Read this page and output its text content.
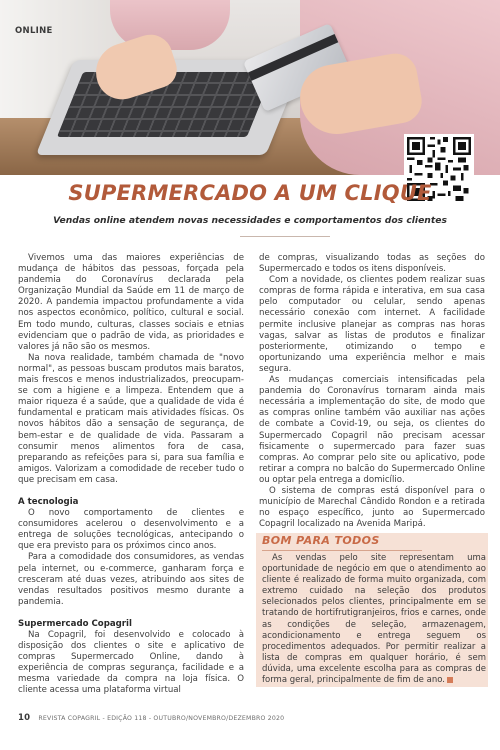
ONLINE
SUPERMERCADO A UM CLIQUE
Vendas online atendem novas necessidades e comportamentos dos clientes

Vivemos uma das maiores experiências de mudança de hábitos das pessoas, forçada pela pandemia do Coronavírus declarada pela Organização Mundial da Saúde em 11 de março de 2020. A pandemia impactou profundamente a vida nos aspectos econômico, político, cultural e social. Em todo mundo, culturas, classes sociais e etnias evidenciam que o padrão de vida, as prioridades e valores já não são os mesmos.

Na nova realidade, também chamada de "novo normal", as pessoas buscam produtos mais baratos, mais frescos e menos industrializados, preocupam-se com a higiene e a limpeza. Entendem que a maior riqueza é a saúde, que a qualidade de vida é fundamental e praticam mais atividades físicas. Os novos hábitos dão a sensação de segurança, de bem-estar e de qualidade de vida. Passaram a consumir menos alimentos fora de casa, preparando as refeições para si, para sua família e amigos. Valorizam a comodidade de receber tudo o que precisam em casa.

A tecnologia

O novo comportamento de clientes e consumidores acelerou o desenvolvimento e a entrega de soluções tecnológicas, antecipando o que era previsto para os próximos cinco anos.

Para a comodidade dos consumidores, as vendas pela internet, ou e-commerce, ganharam força e cresceram até duas vezes, atribuindo aos sites de vendas resultados positivos mesmo durante a pandemia.

Supermercado Copagril

Na Copagril, foi desenvolvido e colocado à disposição dos clientes o site e aplicativo de compras Supermercado Online, dando à experiência de compras segurança, facilidade e a mesma variedade da compra na loja física. O cliente acessa uma plataforma virtual

de compras, visualizando todas as seções do Supermercado e todos os itens disponíveis.

Com a novidade, os clientes podem realizar suas compras de forma rápida e interativa, em sua casa pelo computador ou celular, sendo apenas necessário conexão com internet. A facilidade permite inclusive planejar as compras nas horas vagas, salvar as listas de produtos e finalizar posteriormente, otimizando o tempo e oportunizando uma experiência melhor e mais segura.

As mudanças comerciais intensificadas pela pandemia do Coronavírus tornaram ainda mais necessária a implementação do site, de modo que as compras online também vão auxiliar nas ações de combate a Covid-19, ou seja, os clientes do Supermercado Copagril não precisam acessar fisicamente o supermercado para fazer suas compras. Ao comprar pelo site ou aplicativo, pode retirar a compra no balcão do Supermercado Online ou optar pela entrega a domicílio.

O sistema de compras está disponível para o município de Marechal Cândido Rondon e a retirada no espaço específico, junto ao Supermercado Copagril localizado na Avenida Maripá.

BOM PARA TODOS

As vendas pelo site representam uma oportunidade de negócio em que o atendimento ao cliente é realizado de forma muito organizada, com extremo cuidado na seleção dos produtos selecionados pelos clientes, principalmente em se tratando de hortifrutigranjeiros, frios e carnes, onde as condições de seleção, armazenagem, acondicionamento e entrega seguem os procedimentos adequados. Por permitir realizar a lista de compras em qualquer horário, é sem dúvida, uma excelente escolha para as compras de forma geral, principalmente de fim de ano.

10 REVISTA COPAGRIL - EDIÇÃO 118 - OUTUBRO/NOVEMBRO/DEZEMBRO 2020
